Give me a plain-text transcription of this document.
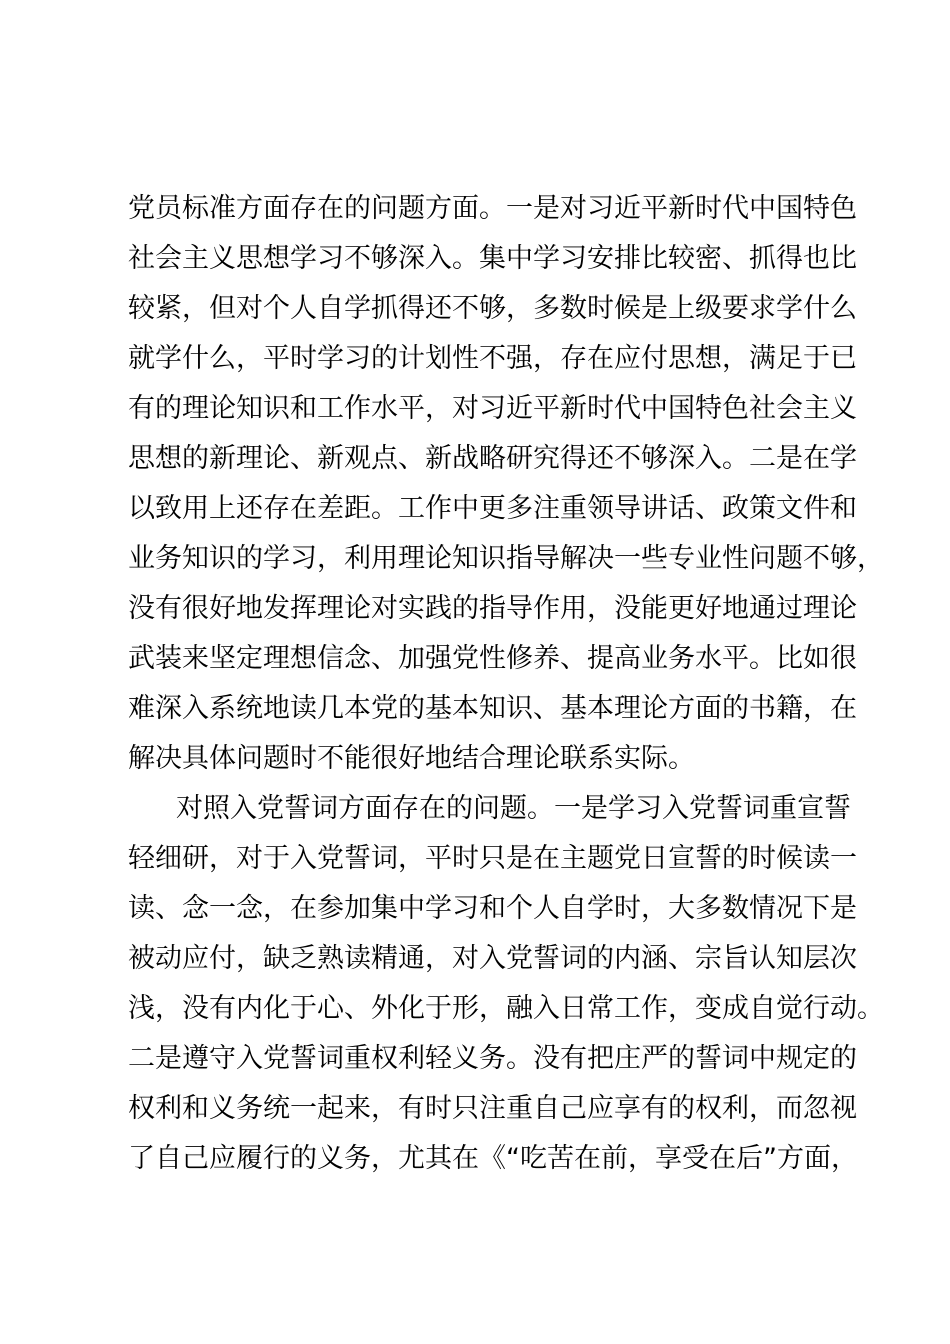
党员标准方面存在的问题方面。一是对习近平新时代中国特色
社会主义思想学习不够深入。集中学习安排比较密、抓得也比
较紧，但对个人自学抓得还不够，多数时候是上级要求学什么
就学什么，平时学习的计划性不强，存在应付思想，满足于已
有的理论知识和工作水平，对习近平新时代中国特色社会主义
思想的新理论、新观点、新战略研究得还不够深入。二是在学
以致用上还存在差距。工作中更多注重领导讲话、政策文件和
业务知识的学习，利用理论知识指导解决一些专业性问题不够，
没有很好地发挥理论对实践的指导作用，没能更好地通过理论
武装来坚定理想信念、加强党性修养、提高业务水平。比如很
难深入系统地读几本党的基本知识、基本理论方面的书籍，在
解决具体问题时不能很好地结合理论联系实际。
对照入党誓词方面存在的问题。一是学习入党誓词重宣誓
轻细研，对于入党誓词，平时只是在主题党日宣誓的时候读一
读、念一念，在参加集中学习和个人自学时，大多数情况下是
被动应付，缺乏熟读精通，对入党誓词的内涵、宗旨认知层次
浅，没有内化于心、外化于形，融入日常工作，变成自觉行动。
二是遵守入党誓词重权利轻义务。没有把庄严的誓词中规定的
权利和义务统一起来，有时只注重自己应享有的权利，而忽视
了自己应履行的义务，尤其在《“吃苦在前，享受在后”方面，
